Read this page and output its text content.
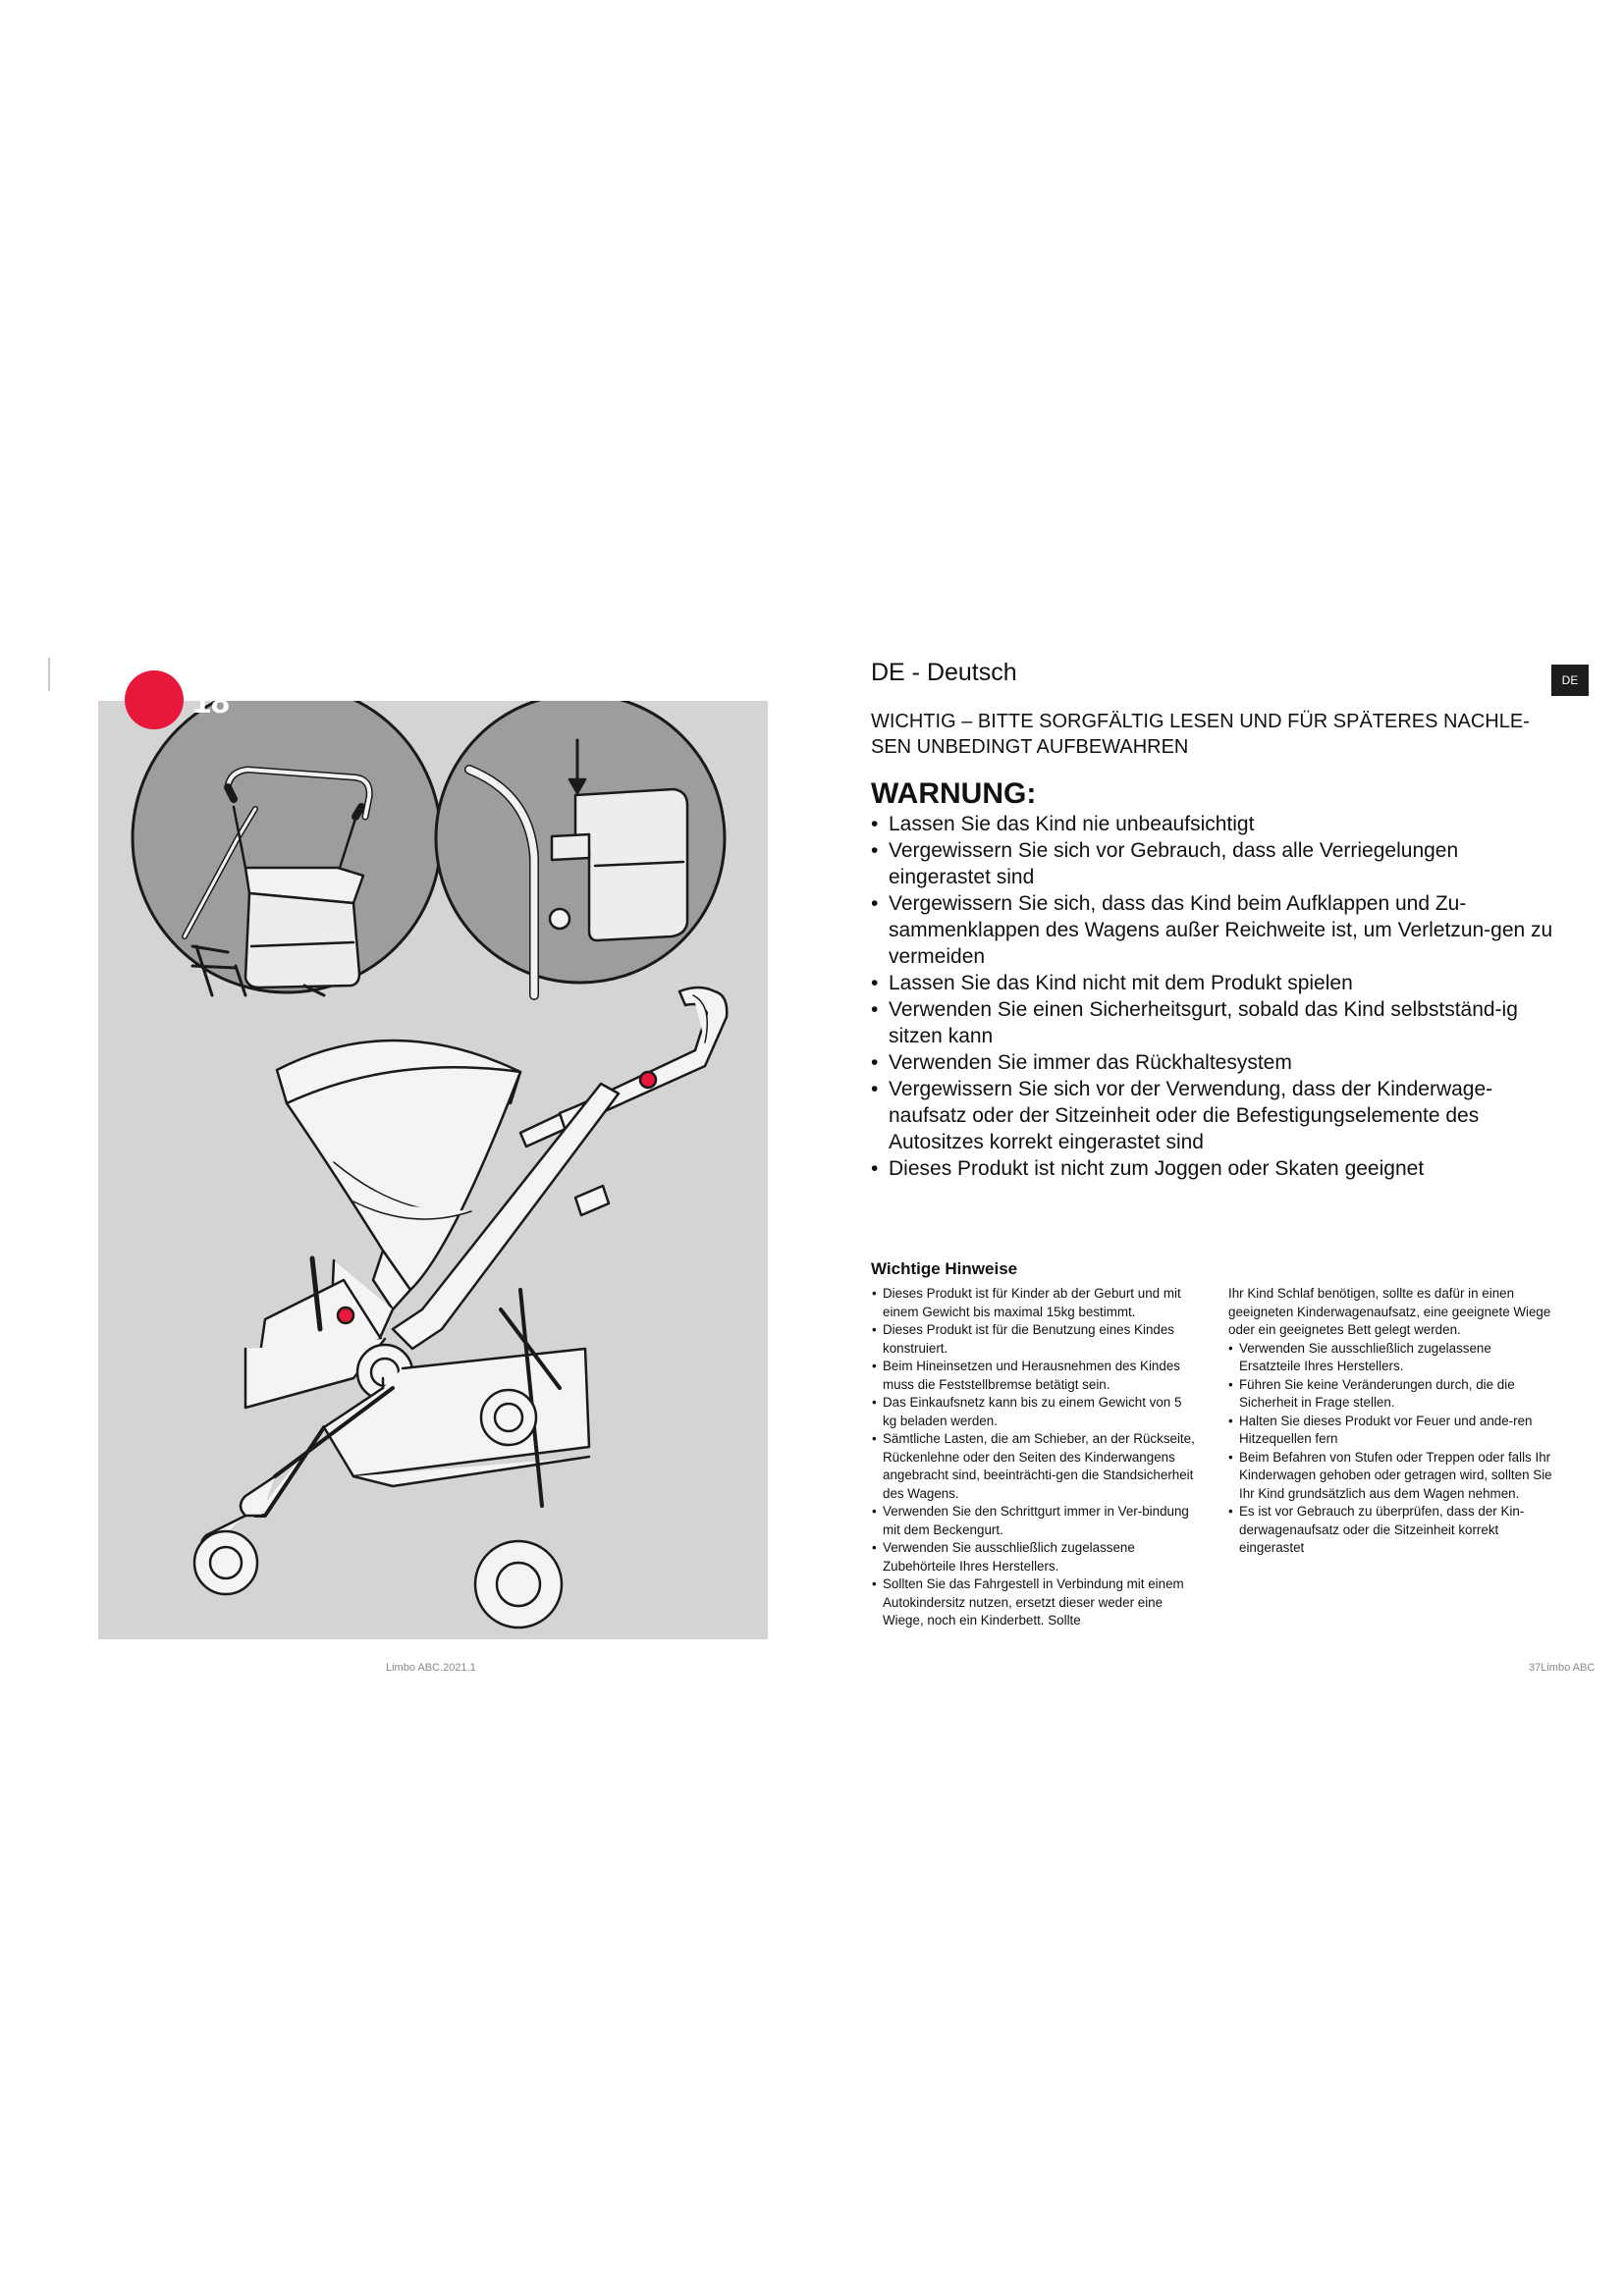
18
Limbo ABC.2021.1
DE - Deutsch	DE
WICHTIG – BITTE SORGFÄLTIG LESEN UND FÜR SPÄTERES NACHLE-SEN UNBEDINGT AUFBEWAHREN
WARNUNG:
• Lassen Sie das Kind nie unbeaufsichtigt
• Vergewissern Sie sich vor Gebrauch, dass alle Verriegelungen eingerastet sind
• Vergewissern Sie sich, dass das Kind beim Aufklappen und Zu-sammenklappen des Wagens außer Reichweite ist, um Verletzun-gen zu vermeiden
• Lassen Sie das Kind nicht mit dem Produkt spielen
• Verwenden Sie einen Sicherheitsgurt, sobald das Kind selbstständ-ig sitzen kann
• Verwenden Sie immer das Rückhaltesystem
• Vergewissern Sie sich vor der Verwendung, dass der Kinderwage-naufsatz oder der Sitzeinheit oder die Befestigungselemente des Autositzes korrekt eingerastet sind
• Dieses Produkt ist nicht zum Joggen oder Skaten geeignet
Wichtige Hinweise
• Dieses Produkt ist für Kinder ab der Geburt und mit einem Gewicht bis maximal 15kg bestimmt.
• Dieses Produkt ist für die Benutzung eines Kindes konstruiert.
• Beim Hineinsetzen und Herausnehmen des Kindes muss die Feststellbremse betätigt sein.
• Das Einkaufsnetz kann bis zu einem Gewicht von 5 kg beladen werden.
• Sämtliche Lasten, die am Schieber, an der Rückseite, Rückenlehne oder den Seiten des Kinderwangens angebracht sind, beeinträchti-gen die Standsicherheit des Wagens.
• Verwenden Sie den Schrittgurt immer in Ver-bindung mit dem Beckengurt.
• Verwenden Sie ausschließlich zugelassene Zubehörteile Ihres Herstellers.
• Sollten Sie das Fahrgestell in Verbindung mit einem Autokindersitz nutzen, ersetzt dieser weder eine Wiege, noch ein Kinderbett. Sollte
Ihr Kind Schlaf benötigen, sollte es dafür in einen geeigneten Kinderwagenaufsatz, eine geeignete Wiege oder ein geeignetes Bett gelegt werden.
• Verwenden Sie ausschließlich zugelassene Ersatzteile Ihres Herstellers.
• Führen Sie keine Veränderungen durch, die die Sicherheit in Frage stellen.
• Halten Sie dieses Produkt vor Feuer und ande-ren Hitzequellen fern
• Beim Befahren von Stufen oder Treppen oder falls Ihr Kinderwagen gehoben oder getragen wird, sollten Sie Ihr Kind grundsätzlich aus dem Wagen nehmen.
• Es ist vor Gebrauch zu überprüfen, dass der Kin-derwagenaufsatz oder die Sitzeinheit korrekt eingerastet
37Limbo ABC
